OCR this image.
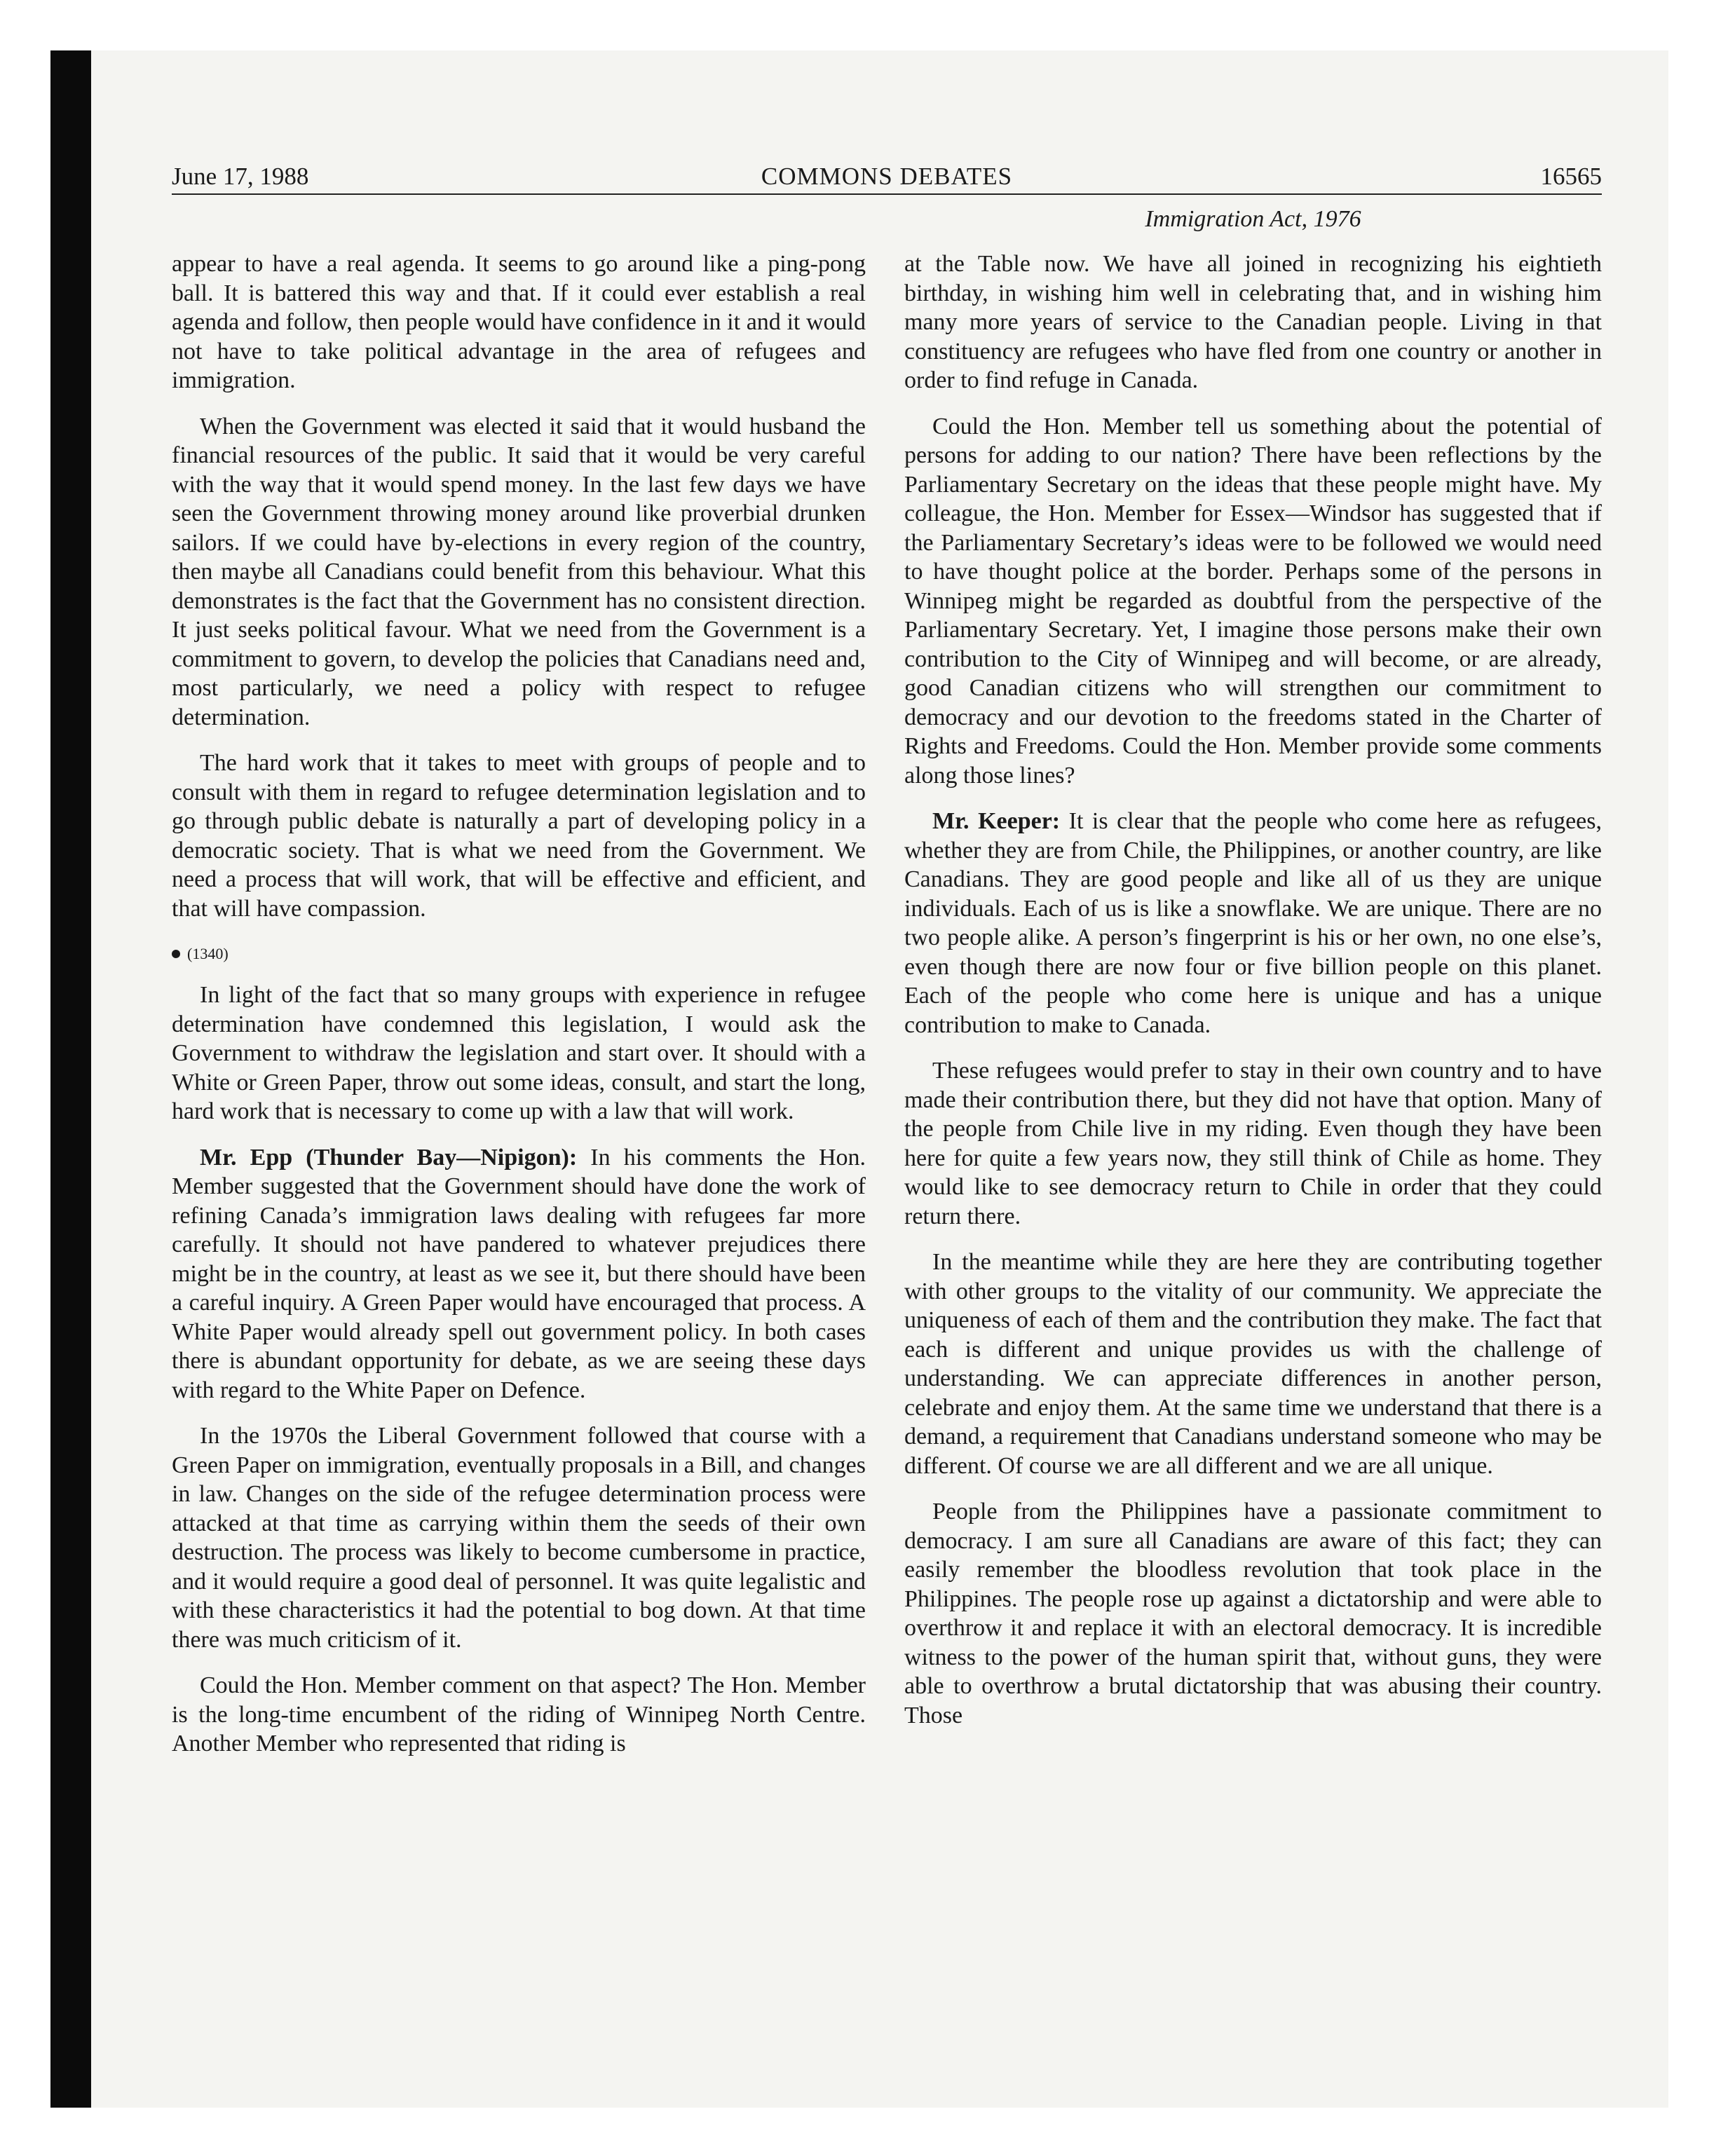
June 17, 1988	COMMONS DEBATES	16565
Immigration Act, 1976

appear to have a real agenda. It seems to go around like a ping-pong ball. It is battered this way and that. If it could ever establish a real agenda and follow, then people would have confidence in it and it would not have to take political advantage in the area of refugees and immigration.

When the Government was elected it said that it would husband the financial resources of the public. It said that it would be very careful with the way that it would spend money. In the last few days we have seen the Government throwing money around like proverbial drunken sailors. If we could have by-elections in every region of the country, then maybe all Canadians could benefit from this behaviour. What this demonstrates is the fact that the Government has no consistent direction. It just seeks political favour. What we need from the Government is a commitment to govern, to develop the policies that Canadians need and, most particularly, we need a policy with respect to refugee determination.

The hard work that it takes to meet with groups of people and to consult with them in regard to refugee determination legislation and to go through public debate is naturally a part of developing policy in a democratic society. That is what we need from the Government. We need a process that will work, that will be effective and efficient, and that will have compassion.

(1340)

In light of the fact that so many groups with experience in refugee determination have condemned this legislation, I would ask the Government to withdraw the legislation and start over. It should with a White or Green Paper, throw out some ideas, consult, and start the long, hard work that is necessary to come up with a law that will work.

Mr. Epp (Thunder Bay—Nipigon): In his comments the Hon. Member suggested that the Government should have done the work of refining Canada’s immigration laws dealing with refugees far more carefully. It should not have pandered to whatever prejudices there might be in the country, at least as we see it, but there should have been a careful inquiry. A Green Paper would have encouraged that process. A White Paper would already spell out government policy. In both cases there is abundant opportunity for debate, as we are seeing these days with regard to the White Paper on Defence.

In the 1970s the Liberal Government followed that course with a Green Paper on immigration, eventually proposals in a Bill, and changes in law. Changes on the side of the refugee determination process were attacked at that time as carrying within them the seeds of their own destruction. The process was likely to become cumbersome in practice, and it would require a good deal of personnel. It was quite legalistic and with these characteristics it had the potential to bog down. At that time there was much criticism of it.

Could the Hon. Member comment on that aspect? The Hon. Member is the long-time encumbent of the riding of Winnipeg North Centre. Another Member who represented that riding is

at the Table now. We have all joined in recognizing his eightieth birthday, in wishing him well in celebrating that, and in wishing him many more years of service to the Canadian people. Living in that constituency are refugees who have fled from one country or another in order to find refuge in Canada.

Could the Hon. Member tell us something about the potential of persons for adding to our nation? There have been reflections by the Parliamentary Secretary on the ideas that these people might have. My colleague, the Hon. Member for Essex—Windsor has suggested that if the Parliamentary Secretary’s ideas were to be followed we would need to have thought police at the border. Perhaps some of the persons in Winnipeg might be regarded as doubtful from the perspective of the Parliamentary Secretary. Yet, I imagine those persons make their own contribution to the City of Winnipeg and will become, or are already, good Canadian citizens who will strengthen our commitment to democracy and our devotion to the freedoms stated in the Charter of Rights and Freedoms. Could the Hon. Member provide some comments along those lines?

Mr. Keeper: It is clear that the people who come here as refugees, whether they are from Chile, the Philippines, or another country, are like Canadians. They are good people and like all of us they are unique individuals. Each of us is like a snowflake. We are unique. There are no two people alike. A person’s fingerprint is his or her own, no one else’s, even though there are now four or five billion people on this planet. Each of the people who come here is unique and has a unique contribution to make to Canada.

These refugees would prefer to stay in their own country and to have made their contribution there, but they did not have that option. Many of the people from Chile live in my riding. Even though they have been here for quite a few years now, they still think of Chile as home. They would like to see democracy return to Chile in order that they could return there.

In the meantime while they are here they are contributing together with other groups to the vitality of our community. We appreciate the uniqueness of each of them and the contribution they make. The fact that each is different and unique provides us with the challenge of understanding. We can appreciate differences in another person, celebrate and enjoy them. At the same time we understand that there is a demand, a requirement that Canadians understand someone who may be different. Of course we are all different and we are all unique.

People from the Philippines have a passionate commitment to democracy. I am sure all Canadians are aware of this fact; they can easily remember the bloodless revolution that took place in the Philippines. The people rose up against a dictatorship and were able to overthrow it and replace it with an electoral democracy. It is incredible witness to the power of the human spirit that, without guns, they were able to overthrow a brutal dictatorship that was abusing their country. Those
